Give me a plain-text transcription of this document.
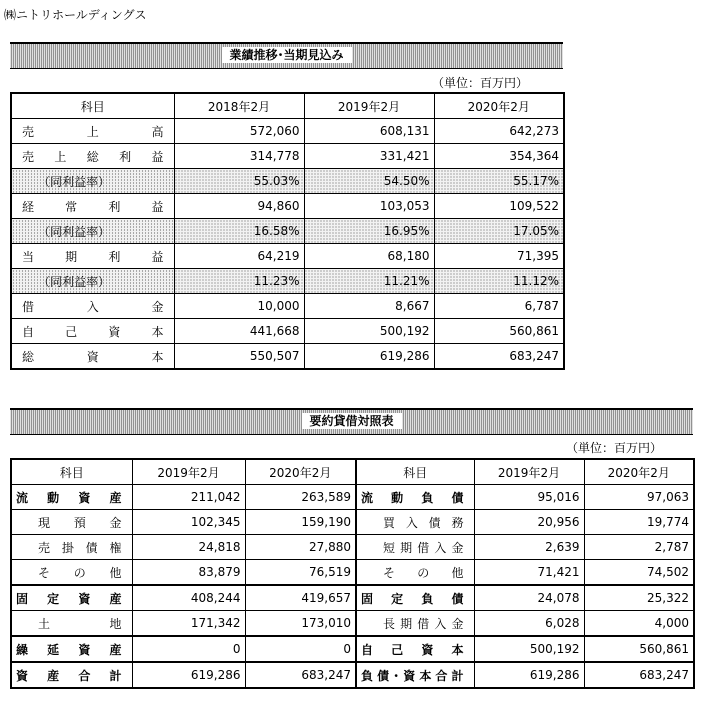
㈱ニトリホールディングス
業績推移･当期見込み
（単位：百万円）
科目	2018年2月	2019年2月	2020年2月
売上高	572,060	608,131	642,273
売上総利益	314,778	331,421	354,364
（同利益率）	55.03%	54.50%	55.17%
経常利益	94,860	103,053	109,522
（同利益率）	16.58%	16.95%	17.05%
当期利益	64,219	68,180	71,395
（同利益率）	11.23%	11.21%	11.12%
借入金	10,000	8,667	6,787
自己資本	441,668	500,192	560,861
総資本	550,507	619,286	683,247
要約貸借対照表
（単位：百万円）
科目	2019年2月	2020年2月	科目	2019年2月	2020年2月
流動資産	211,042	263,589	流動負債	95,016	97,063
現預金	102,345	159,190	買入債務	20,956	19,774
売掛債権	24,818	27,880	短期借入金	2,639	2,787
その他	83,879	76,519	その他	71,421	74,502
固定資産	408,244	419,657	固定負債	24,078	25,322
土地	171,342	173,010	長期借入金	6,028	4,000
繰延資産	0	0	自己資本	500,192	560,861
資産合計	619,286	683,247	負債･資本合計	619,286	683,247
